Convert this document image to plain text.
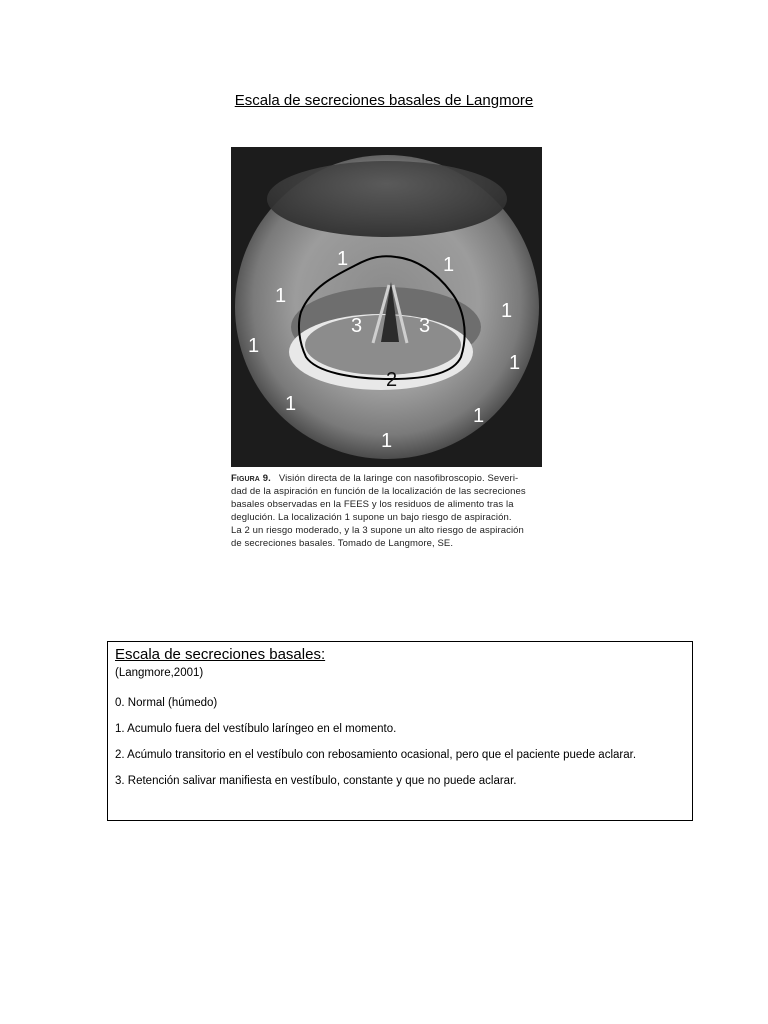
Escala de secreciones basales de Langmore
1	1
1
1
1
1
1
1
1
3	3
2
Figura 9. Visión directa de la laringe con nasofibroscopio. Severi-
dad de la aspiración en función de la localización de las secreciones
basales observadas en la FEES y los residuos de alimento tras la
deglución. La localización 1 supone un bajo riesgo de aspiración.
La 2 un riesgo moderado, y la 3 supone un alto riesgo de aspiración
de secreciones basales. Tomado de Langmore, SE.
Escala de secreciones basales:
(Langmore,2001)
0. Normal (húmedo)
1. Acumulo fuera del vestíbulo laríngeo en el momento.
2. Acúmulo transitorio en el vestíbulo con rebosamiento ocasional, pero que el paciente puede aclarar.
3. Retención salivar manifiesta en vestíbulo, constante y que no puede aclarar.
